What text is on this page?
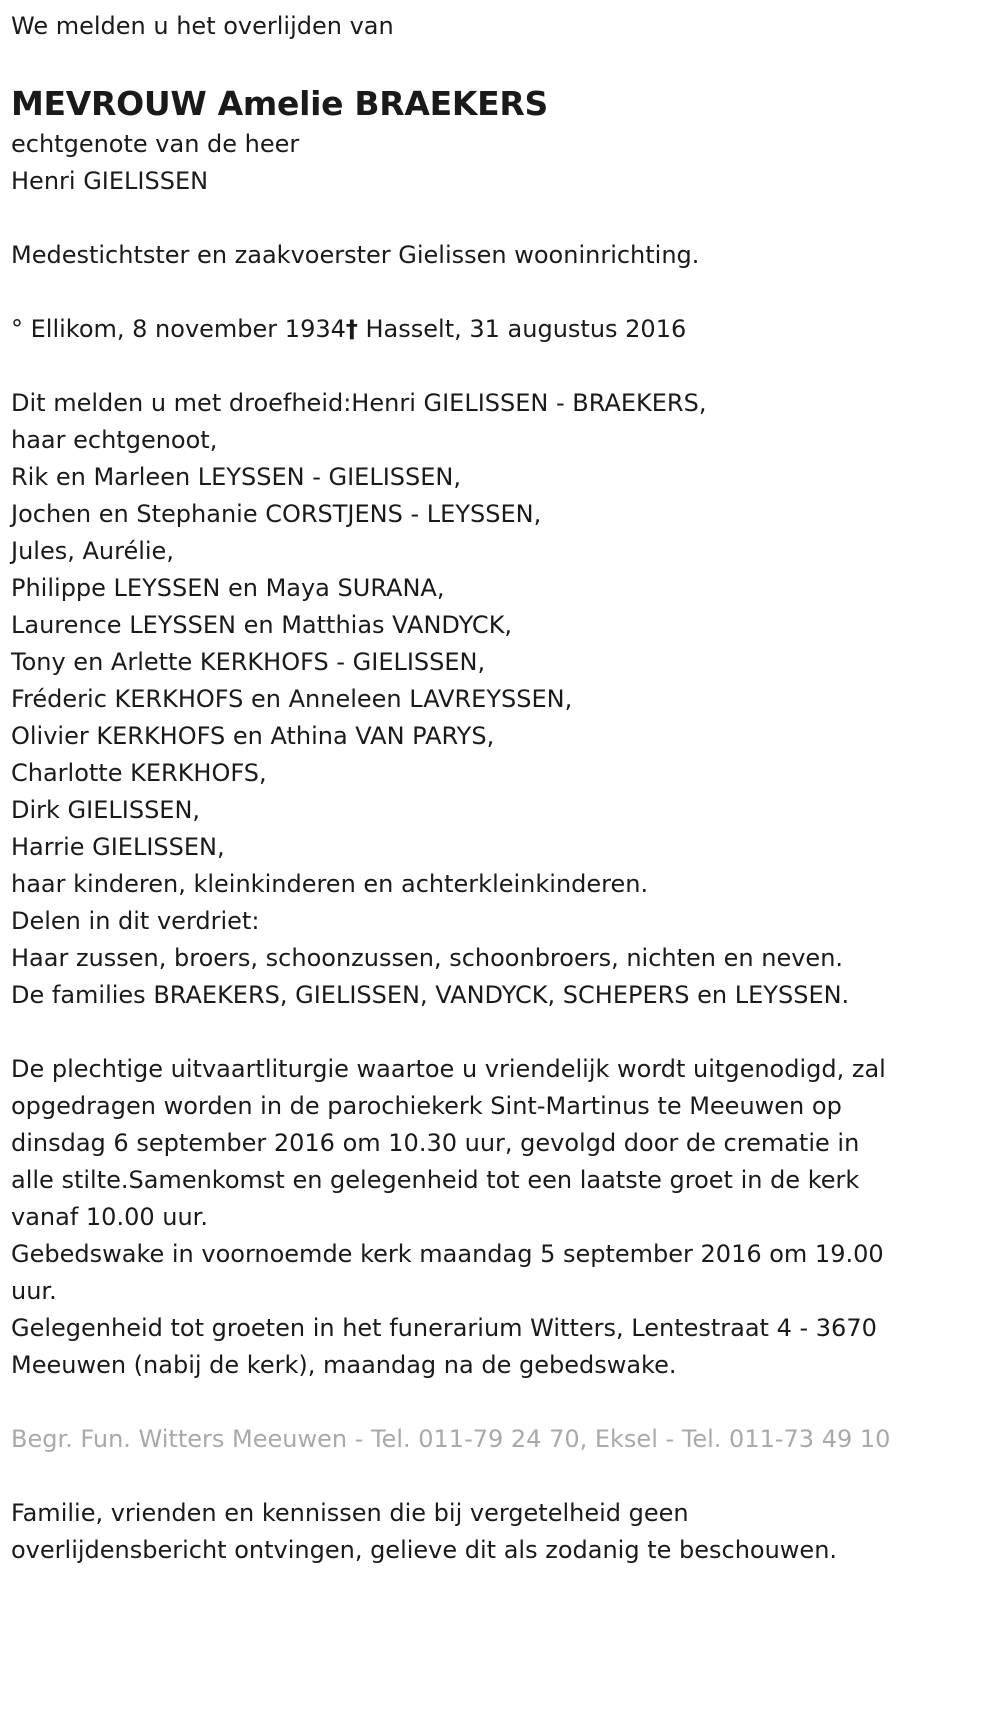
We melden u het overlijden van
MEVROUW Amelie BRAEKERS
echtgenote van de heer
Henri GIELISSEN
Medestichtster en zaakvoerster Gielissen wooninrichting.
° Ellikom, 8 november 1934† Hasselt, 31 augustus 2016
Dit melden u met droefheid:Henri GIELISSEN - BRAEKERS,
haar echtgenoot,
Rik en Marleen LEYSSEN - GIELISSEN,
Jochen en Stephanie CORSTJENS - LEYSSEN,
Jules, Aurélie,
Philippe LEYSSEN en Maya SURANA,
Laurence LEYSSEN en Matthias VANDYCK,
Tony en Arlette KERKHOFS - GIELISSEN,
Fréderic KERKHOFS en Anneleen LAVREYSSEN,
Olivier KERKHOFS en Athina VAN PARYS,
Charlotte KERKHOFS,
Dirk GIELISSEN,
Harrie GIELISSEN,
haar kinderen, kleinkinderen en achterkleinkinderen.
Delen in dit verdriet:
Haar zussen, broers, schoonzussen, schoonbroers, nichten en neven.
De families BRAEKERS, GIELISSEN, VANDYCK, SCHEPERS en LEYSSEN.
De plechtige uitvaartliturgie waartoe u vriendelijk wordt uitgenodigd, zal
opgedragen worden in de parochiekerk Sint-Martinus te Meeuwen op
dinsdag 6 september 2016 om 10.30 uur, gevolgd door de crematie in
alle stilte.Samenkomst en gelegenheid tot een laatste groet in de kerk
vanaf 10.00 uur.
Gebedswake in voornoemde kerk maandag 5 september 2016 om 19.00
uur.
Gelegenheid tot groeten in het funerarium Witters, Lentestraat 4 - 3670
Meeuwen (nabij de kerk), maandag na de gebedswake.
Begr. Fun. Witters Meeuwen - Tel. 011-79 24 70, Eksel - Tel. 011-73 49 10
Familie, vrienden en kennissen die bij vergetelheid geen
overlijdensbericht ontvingen, gelieve dit als zodanig te beschouwen.
